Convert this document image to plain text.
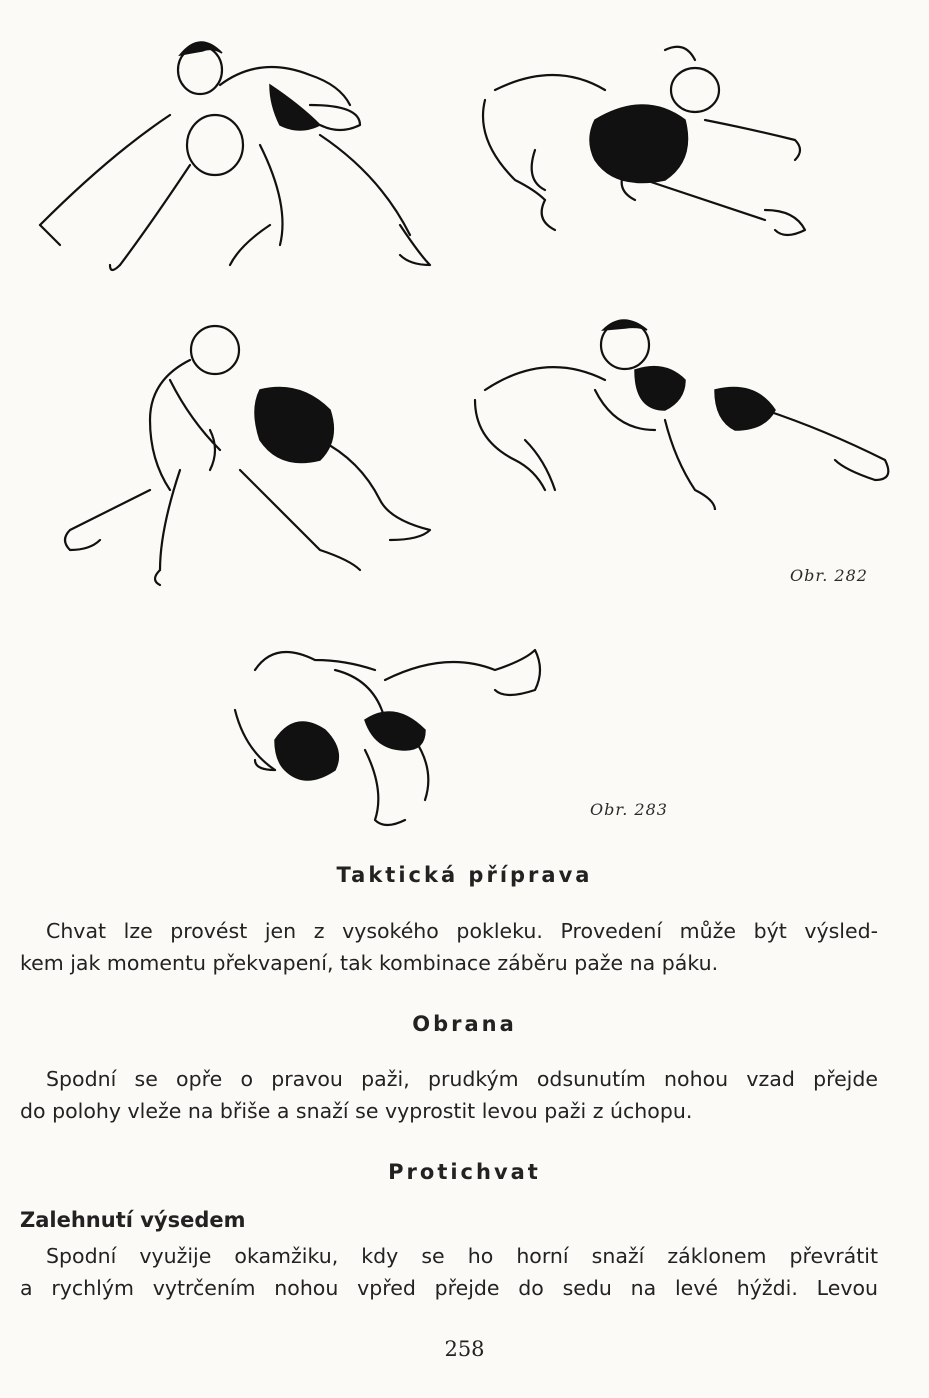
Obr. 282
Obr. 283
Taktická příprava
Chvat lze provést jen z vysokého pokleku. Provedení může být výsled-
kem jak momentu překvapení, tak kombinace záběru paže na páku.
Obrana
Spodní se opře o pravou paži, prudkým odsunutím nohou vzad přejde
do polohy vleže na břiše a snaží se vyprostit levou paži z úchopu.
Protichvat
Zalehnutí výsedem
Spodní využije okamžiku, kdy se ho horní snaží záklonem převrátit
a rychlým vytrčením nohou vpřed přejde do sedu na levé hýždi. Levou
258
